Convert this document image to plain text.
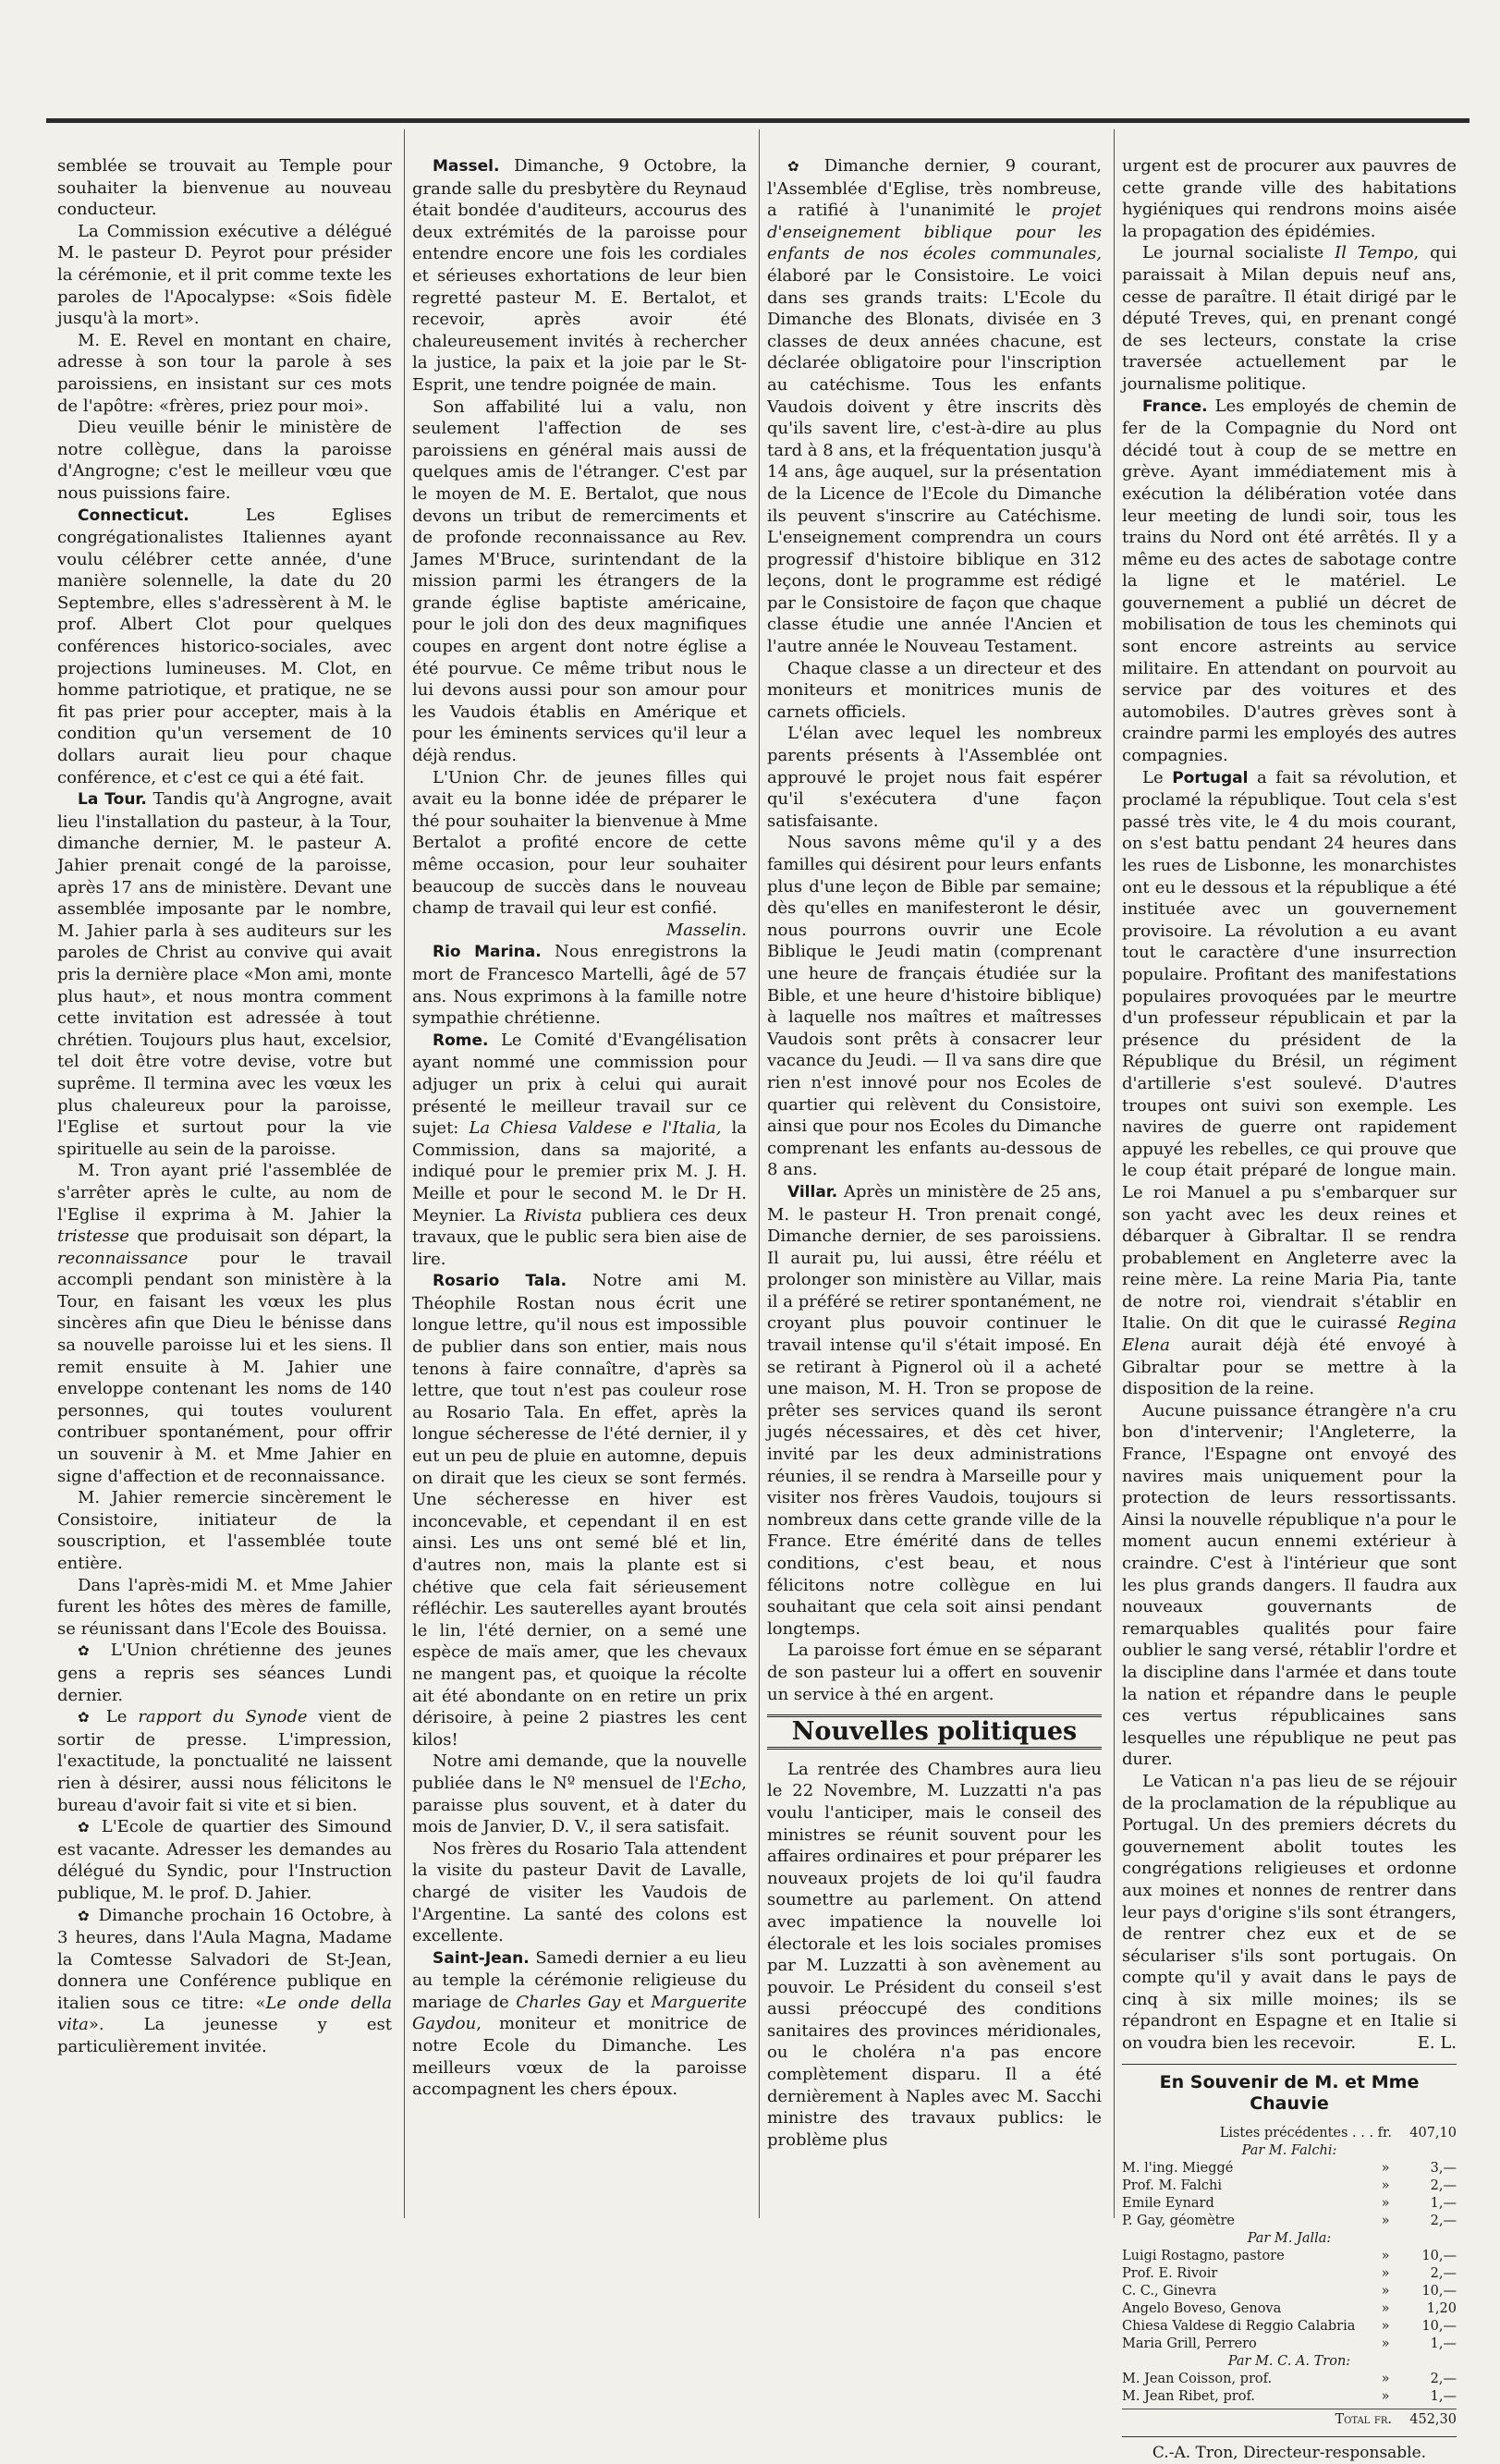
semblée se trouvait au Temple pour souhaiter la bienvenue au nouveau conducteur.

La Commission exécutive a délégué M. le pasteur D. Peyrot pour présider la cérémonie, et il prit comme texte les paroles de l'Apocalypse: «Sois fidèle jusqu'à la mort».

M. E. Revel en montant en chaire, adresse à son tour la parole à ses paroissiens, en insistant sur ces mots de l'apôtre: «frères, priez pour moi».

Dieu veuille bénir le ministère de notre collègue, dans la paroisse d'Angrogne; c'est le meilleur vœu que nous puissions faire.

Connecticut. Les Eglises congrégationalistes Italiennes ayant voulu célébrer cette année, d'une manière solennelle, la date du 20 Septembre, elles s'adressèrent à M. le prof. Albert Clot pour quelques conférences historico-sociales, avec projections lumineuses. M. Clot, en homme patriotique, et pratique, ne se fit pas prier pour accepter, mais à la condition qu'un versement de 10 dollars aurait lieu pour chaque conférence, et c'est ce qui a été fait.

La Tour. Tandis qu'à Angrogne, avait lieu l'installation du pasteur, à la Tour, dimanche dernier, M. le pasteur A. Jahier prenait congé de la paroisse, après 17 ans de ministère. Devant une assemblée imposante par le nombre, M. Jahier parla à ses auditeurs sur les paroles de Christ au convive qui avait pris la dernière place «Mon ami, monte plus haut», et nous montra comment cette invitation est adressée à tout chrétien. Toujours plus haut, excelsior, tel doit être votre devise, votre but suprême. Il termina avec les vœux les plus chaleureux pour la paroisse, l'Eglise et surtout pour la vie spirituelle au sein de la paroisse.

M. Tron ayant prié l'assemblée de s'arrêter après le culte, au nom de l'Eglise il exprima à M. Jahier la tristesse que produisait son départ, la reconnaissance pour le travail accompli pendant son ministère à la Tour, en faisant les vœux les plus sincères afin que Dieu le bénisse dans sa nouvelle paroisse lui et les siens. Il remit ensuite à M. Jahier une enveloppe contenant les noms de 140 personnes, qui toutes voulurent contribuer spontanément, pour offrir un souvenir à M. et Mme Jahier en signe d'affection et de reconnaissance.

M. Jahier remercie sincèrement le Consistoire, initiateur de la souscription, et l'assemblée toute entière.

Dans l'après-midi M. et Mme Jahier furent les hôtes des mères de famille, se réunissant dans l'Ecole des Bouissa.

✿ L'Union chrétienne des jeunes gens a repris ses séances Lundi dernier.

✿ Le rapport du Synode vient de sortir de presse. L'impression, l'exactitude, la ponctualité ne laissent rien à désirer, aussi nous félicitons le bureau d'avoir fait si vite et si bien.

✿ L'Ecole de quartier des Simound est vacante. Adresser les demandes au délégué du Syndic, pour l'Instruction publique, M. le prof. D. Jahier.

✿ Dimanche prochain 16 Octobre, à 3 heures, dans l'Aula Magna, Madame la Comtesse Salvadori de St-Jean, donnera une Conférence publique en italien sous ce titre: «Le onde della vita». La jeunesse y est particulièrement invitée.

Massel. Dimanche, 9 Octobre, la grande salle du presbytère du Reynaud était bondée d'auditeurs, accourus des deux extrémités de la paroisse pour entendre encore une fois les cordiales et sérieuses exhortations de leur bien regretté pasteur M. E. Bertalot, et recevoir, après avoir été chaleureusement invités à rechercher la justice, la paix et la joie par le St-Esprit, une tendre poignée de main.

Son affabilité lui a valu, non seulement l'affection de ses paroissiens en général mais aussi de quelques amis de l'étranger. C'est par le moyen de M. E. Bertalot, que nous devons un tribut de remerciments et de profonde reconnaissance au Rev. James M'Bruce, surintendant de la mission parmi les étrangers de la grande église baptiste américaine, pour le joli don des deux magnifiques coupes en argent dont notre église a été pourvue. Ce même tribut nous le lui devons aussi pour son amour pour les Vaudois établis en Amérique et pour les éminents services qu'il leur a déjà rendus.

L'Union Chr. de jeunes filles qui avait eu la bonne idée de préparer le thé pour souhaiter la bienvenue à Mme Bertalot a profité encore de cette même occasion, pour leur souhaiter beaucoup de succès dans le nouveau champ de travail qui leur est confié.

Masselin.

Rio Marina. Nous enregistrons la mort de Francesco Martelli, âgé de 57 ans. Nous exprimons à la famille notre sympathie chrétienne.

Rome. Le Comité d'Evangélisation ayant nommé une commission pour adjuger un prix à celui qui aurait présenté le meilleur travail sur ce sujet: La Chiesa Valdese e l'Italia, la Commission, dans sa majorité, a indiqué pour le premier prix M. J. H. Meille et pour le second M. le Dr H. Meynier. La Rivista publiera ces deux travaux, que le public sera bien aise de lire.

Rosario Tala. Notre ami M. Théophile Rostan nous écrit une longue lettre, qu'il nous est impossible de publier dans son entier, mais nous tenons à faire connaître, d'après sa lettre, que tout n'est pas couleur rose au Rosario Tala. En effet, après la longue sécheresse de l'été dernier, il y eut un peu de pluie en automne, depuis on dirait que les cieux se sont fermés. Une sécheresse en hiver est inconcevable, et cependant il en est ainsi. Les uns ont semé blé et lin, d'autres non, mais la plante est si chétive que cela fait sérieusement réfléchir. Les sauterelles ayant broutés le lin, l'été dernier, on a semé une espèce de maïs amer, que les chevaux ne mangent pas, et quoique la récolte ait été abondante on en retire un prix dérisoire, à peine 2 piastres les cent kilos!

Notre ami demande, que la nouvelle publiée dans le Nº mensuel de l'Echo, paraisse plus souvent, et à dater du mois de Janvier, D. V., il sera satisfait.

Nos frères du Rosario Tala attendent la visite du pasteur Davit de Lavalle, chargé de visiter les Vaudois de l'Argentine. La santé des colons est excellente.

Saint-Jean. Samedi dernier a eu lieu au temple la cérémonie religieuse du mariage de Charles Gay et Marguerite Gaydou, moniteur et monitrice de notre Ecole du Dimanche. Les meilleurs vœux de la paroisse accompagnent les chers époux.

✿ Dimanche dernier, 9 courant, l'Assemblée d'Eglise, très nombreuse, a ratifié à l'unanimité le projet d'enseignement biblique pour les enfants de nos écoles communales, élaboré par le Consistoire. Le voici dans ses grands traits: L'Ecole du Dimanche des Blonats, divisée en 3 classes de deux années chacune, est déclarée obligatoire pour l'inscription au catéchisme. Tous les enfants Vaudois doivent y être inscrits dès qu'ils savent lire, c'est-à-dire au plus tard à 8 ans, et la fréquentation jusqu'à 14 ans, âge auquel, sur la présentation de la Licence de l'Ecole du Dimanche ils peuvent s'inscrire au Catéchisme. L'enseignement comprendra un cours progressif d'histoire biblique en 312 leçons, dont le programme est rédigé par le Consistoire de façon que chaque classe étudie une année l'Ancien et l'autre année le Nouveau Testament.

Chaque classe a un directeur et des moniteurs et monitrices munis de carnets officiels.

L'élan avec lequel les nombreux parents présents à l'Assemblée ont approuvé le projet nous fait espérer qu'il s'exécutera d'une façon satisfaisante.

Nous savons même qu'il y a des familles qui désirent pour leurs enfants plus d'une leçon de Bible par semaine; dès qu'elles en manifesteront le désir, nous pourrons ouvrir une Ecole Biblique le Jeudi matin (comprenant une heure de français étudiée sur la Bible, et une heure d'histoire biblique) à laquelle nos maîtres et maîtresses Vaudois sont prêts à consacrer leur vacance du Jeudi. — Il va sans dire que rien n'est innové pour nos Ecoles de quartier qui relèvent du Consistoire, ainsi que pour nos Ecoles du Dimanche comprenant les enfants au-dessous de 8 ans.

Villar. Après un ministère de 25 ans, M. le pasteur H. Tron prenait congé, Dimanche dernier, de ses paroissiens. Il aurait pu, lui aussi, être réélu et prolonger son ministère au Villar, mais il a préféré se retirer spontanément, ne croyant plus pouvoir continuer le travail intense qu'il s'était imposé. En se retirant à Pignerol où il a acheté une maison, M. H. Tron se propose de prêter ses services quand ils seront jugés nécessaires, et dès cet hiver, invité par les deux administrations réunies, il se rendra à Marseille pour y visiter nos frères Vaudois, toujours si nombreux dans cette grande ville de la France. Etre émérité dans de telles conditions, c'est beau, et nous félicitons notre collègue en lui souhaitant que cela soit ainsi pendant longtemps.

La paroisse fort émue en se séparant de son pasteur lui a offert en souvenir un service à thé en argent.

Nouvelles politiques

La rentrée des Chambres aura lieu le 22 Novembre, M. Luzzatti n'a pas voulu l'anticiper, mais le conseil des ministres se réunit souvent pour les affaires ordinaires et pour préparer les nouveaux projets de loi qu'il faudra soumettre au parlement. On attend avec impatience la nouvelle loi électorale et les lois sociales promises par M. Luzzatti à son avènement au pouvoir. Le Président du conseil s'est aussi préoccupé des conditions sanitaires des provinces méridionales, ou le choléra n'a pas encore complètement disparu. Il a été dernièrement à Naples avec M. Sacchi ministre des travaux publics: le problème plus

urgent est de procurer aux pauvres de cette grande ville des habitations hygiéniques qui rendrons moins aisée la propagation des épidémies.

Le journal socialiste Il Tempo, qui paraissait à Milan depuis neuf ans, cesse de paraître. Il était dirigé par le député Treves, qui, en prenant congé de ses lecteurs, constate la crise traversée actuellement par le journalisme politique.

France. Les employés de chemin de fer de la Compagnie du Nord ont décidé tout à coup de se mettre en grève. Ayant immédiatement mis à exécution la délibération votée dans leur meeting de lundi soir, tous les trains du Nord ont été arrêtés. Il y a même eu des actes de sabotage contre la ligne et le matériel. Le gouvernement a publié un décret de mobilisation de tous les cheminots qui sont encore astreints au service militaire. En attendant on pourvoit au service par des voitures et des automobiles. D'autres grèves sont à craindre parmi les employés des autres compagnies.

Le Portugal a fait sa révolution, et proclamé la république. Tout cela s'est passé très vite, le 4 du mois courant, on s'est battu pendant 24 heures dans les rues de Lisbonne, les monarchistes ont eu le dessous et la république a été instituée avec un gouvernement provisoire. La révolution a eu avant tout le caractère d'une insurrection populaire. Profitant des manifestations populaires provoquées par le meurtre d'un professeur républicain et par la présence du président de la République du Brésil, un régiment d'artillerie s'est soulevé. D'autres troupes ont suivi son exemple. Les navires de guerre ont rapidement appuyé les rebelles, ce qui prouve que le coup était préparé de longue main. Le roi Manuel a pu s'embarquer sur son yacht avec les deux reines et débarquer à Gibraltar. Il se rendra probablement en Angleterre avec la reine mère. La reine Maria Pia, tante de notre roi, viendrait s'établir en Italie. On dit que le cuirassé Regina Elena aurait déjà été envoyé à Gibraltar pour se mettre à la disposition de la reine.

Aucune puissance étrangère n'a cru bon d'intervenir; l'Angleterre, la France, l'Espagne ont envoyé des navires mais uniquement pour la protection de leurs ressortissants. Ainsi la nouvelle république n'a pour le moment aucun ennemi extérieur à craindre. C'est à l'intérieur que sont les plus grands dangers. Il faudra aux nouveaux gouvernants de remarquables qualités pour faire oublier le sang versé, rétablir l'ordre et la discipline dans l'armée et dans toute la nation et répandre dans le peuple ces vertus républicaines sans lesquelles une république ne peut pas durer.

Le Vatican n'a pas lieu de se réjouir de la proclamation de la république au Portugal. Un des premiers décrets du gouvernement abolit toutes les congrégations religieuses et ordonne aux moines et nonnes de rentrer dans leur pays d'origine s'ils sont étrangers, de rentrer chez eux et de se séculariser s'ils sont portugais. On compte qu'il y avait dans le pays de cinq à six mille moines; ils se répandront en Espagne et en Italie si on voudra bien les recevoir.	E. L.

En Souvenir de M. et Mme Chauvie
Listes précédentes . . . fr.	407,10
Par M. Falchi:
M. l'ing. Mieggé	»	3,—
Prof. M. Falchi	»	2,—
Emile Eynard	»	1,—
P. Gay, géomètre	»	2,—
Par M. Jalla:
Luigi Rostagno, pastore	»	10,—
Prof. E. Rivoir	»	2,—
C. C., Ginevra	»	10,—
Angelo Boveso, Genova	»	1,20
Chiesa Valdese di Reggio Calabria	»	10,—
Maria Grill, Perrero	»	1,—
Par M. C. A. Tron:
M. Jean Coisson, prof.	»	2,—
M. Jean Ribet, prof.	»	1,—
Total fr.	452,30
C.-A. Tron, Directeur-responsable.
